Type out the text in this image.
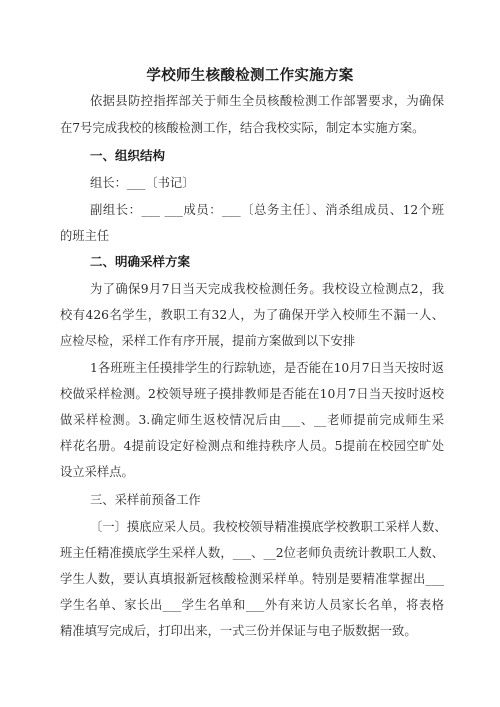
学校师生核酸检测工作实施方案
依据县防控指挥部关于师生全员核酸检测工作部署要求，为确保
在7号完成我校的核酸检测工作，结合我校实际，制定本实施方案。
一、组织结构
组长：___〔书记〕
副组长：___ ___成员：___〔总务主任〕、消杀组成员、12个班
的班主任
二、明确采样方案
为了确保9月7日当天完成我校检测任务。我校设立检测点2，我
校有426名学生，教职工有32人，为了确保开学入校师生不漏一人、
应检尽检，采样工作有序开展，提前方案做到以下安排
1各班班主任摸排学生的行踪轨迹，是否能在10月7日当天按时返
校做采样检测。2校领导班子摸排教师是否能在10月7日当天按时返校
做采样检测。3.确定师生返校情况后由___、__老师提前完成师生采
样花名册。4提前设定好检测点和维持秩序人员。5提前在校园空旷处
设立采样点。
三、采样前预备工作
〔一〕摸底应采人员。我校校领导精准摸底学校教职工采样人数、
班主任精准摸底学生采样人数，___、__2位老师负责统计教职工人数、
学生人数，要认真填报新冠核酸检测采样单。特别是要精准掌握出___
学生名单、家长出___学生名单和___外有来访人员家长名单，将表格
精准填写完成后，打印出来，一式三份并保证与电子版数据一致。
